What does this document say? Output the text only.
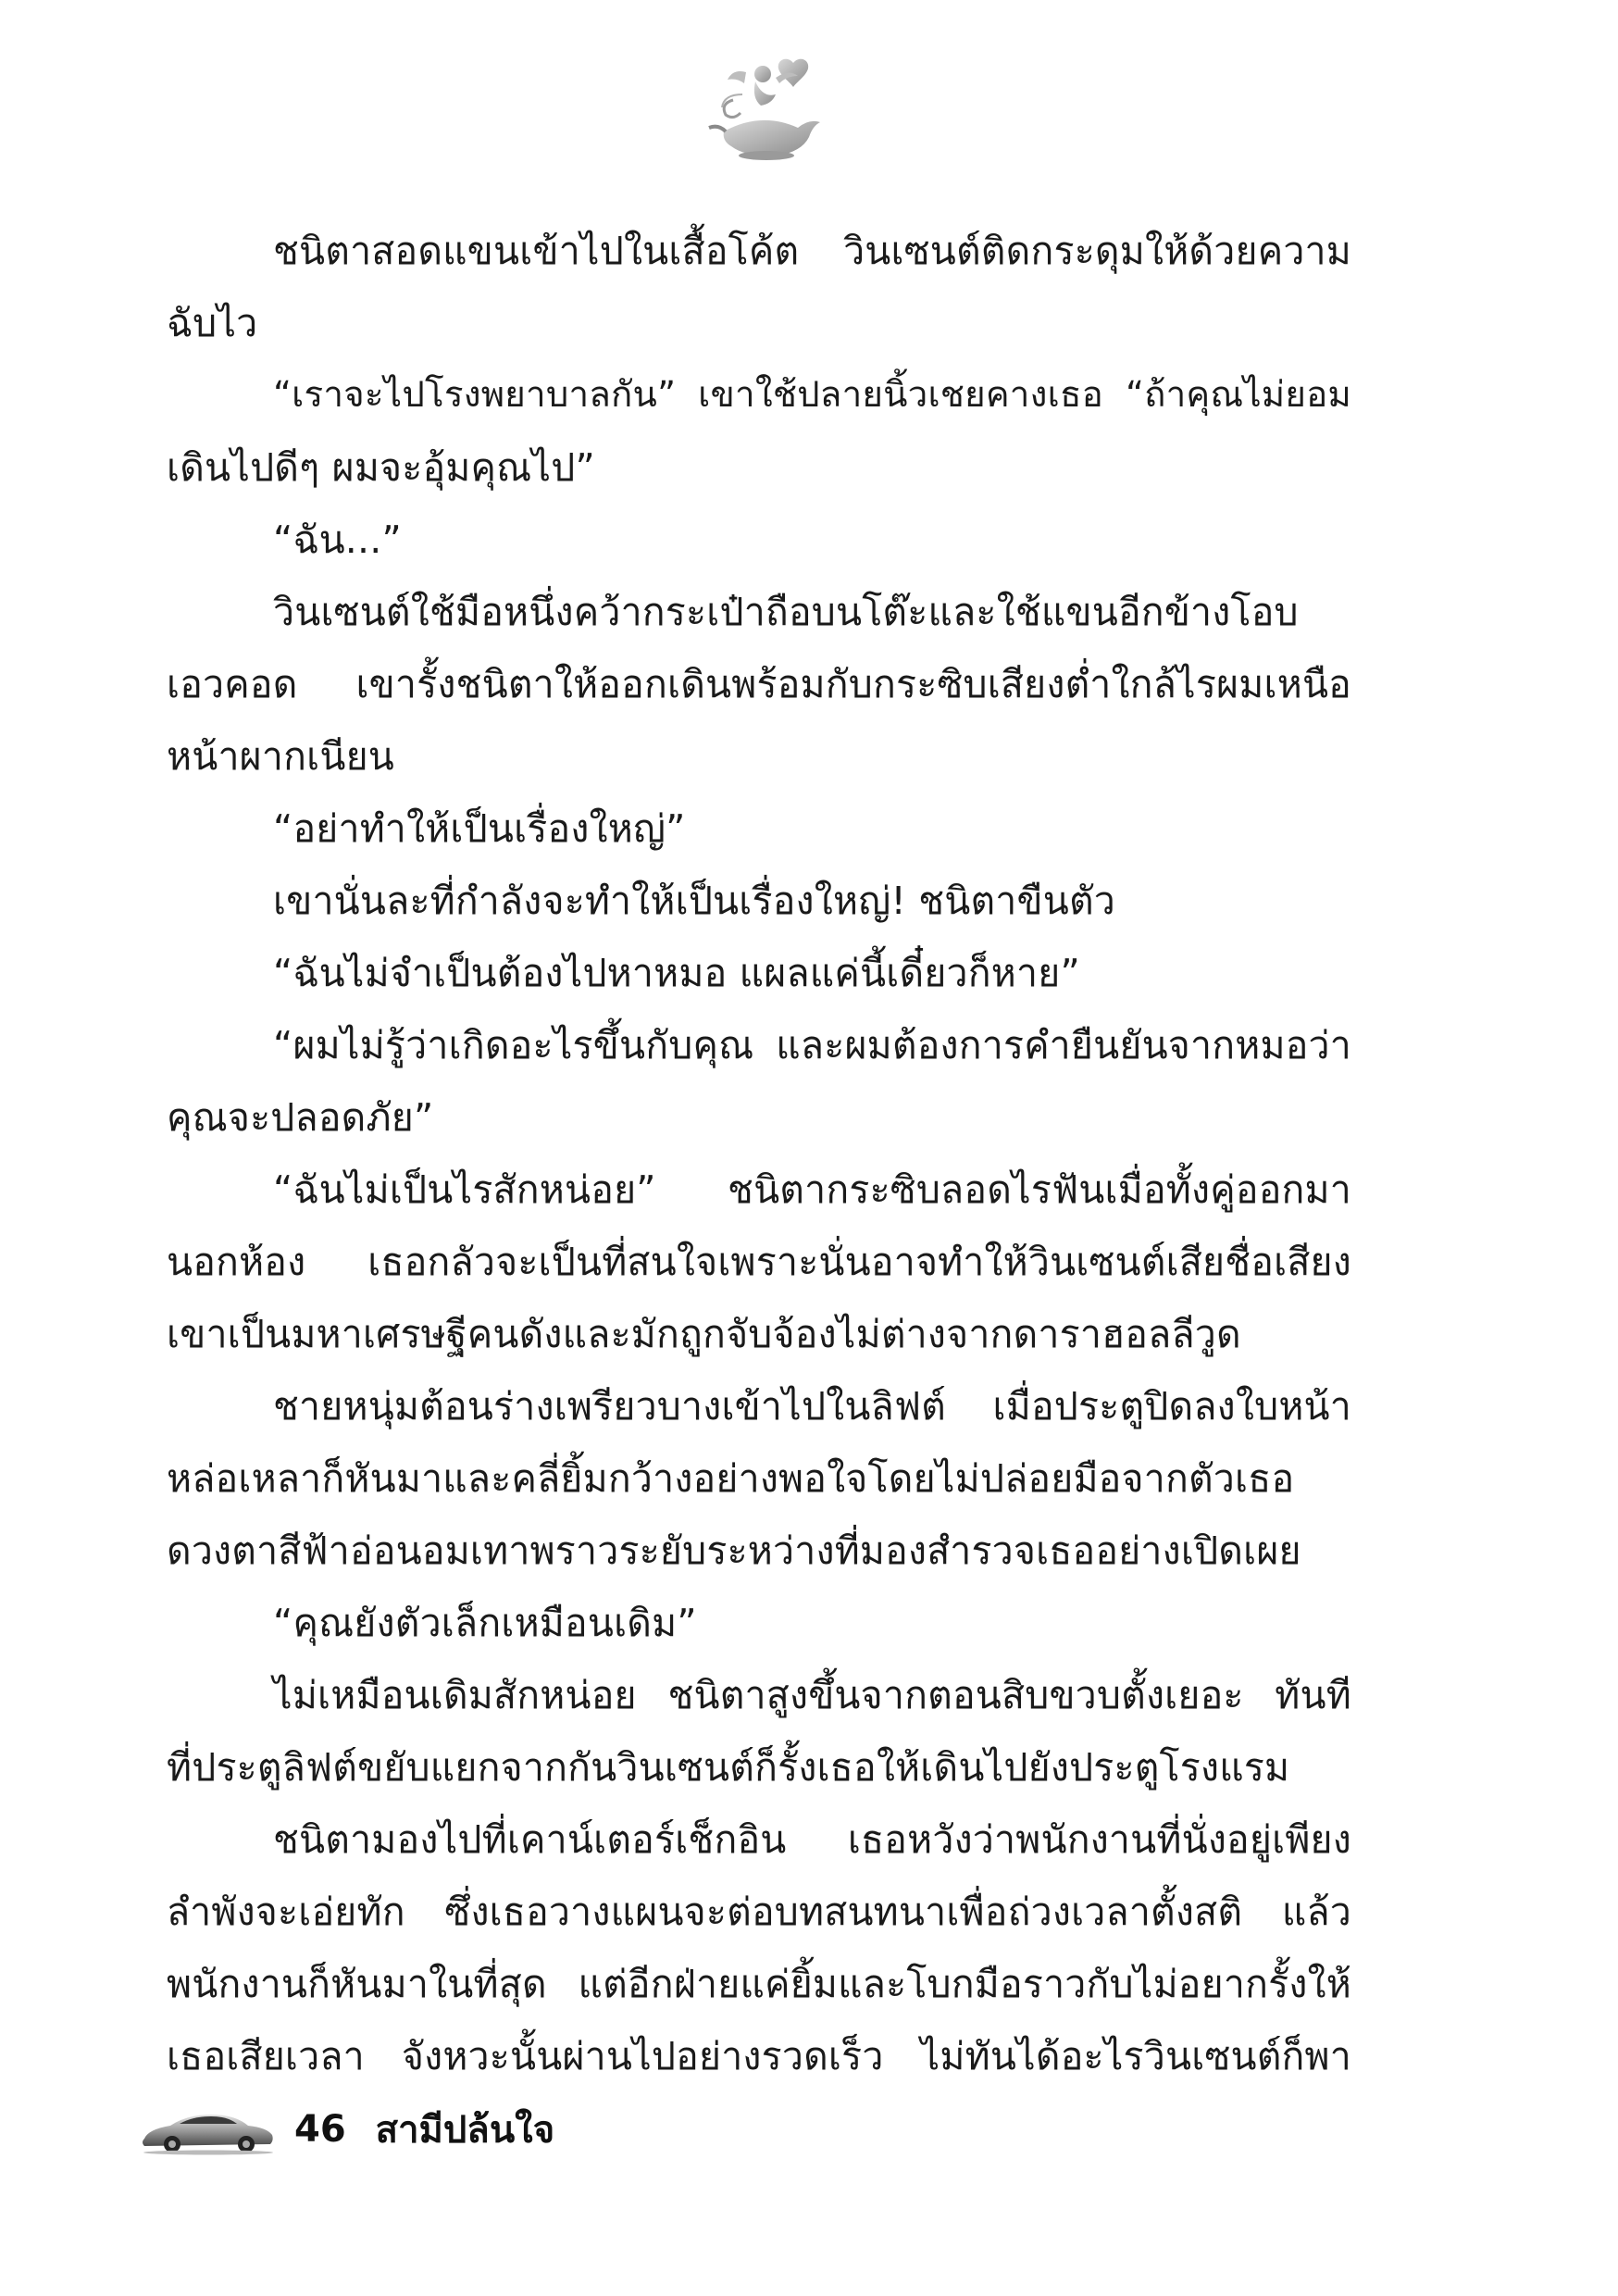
ชนิตาสอดแขนเข้าไปในเสื้อโค้ต วินเซนต์ติดกระดุมให้ด้วยความ
ฉับไว
“เราจะไปโรงพยาบาลกัน” เขาใช้ปลายนิ้วเชยคางเธอ “ถ้าคุณไม่ยอม
เดินไปดีๆ ผมจะอุ้มคุณไป”
“ฉัน...”
วินเซนต์ใช้มือหนึ่งคว้ากระเป๋าถือบนโต๊ะและใช้แขนอีกข้างโอบ
เอวคอด เขารั้งชนิตาให้ออกเดินพร้อมกับกระซิบเสียงต่ำใกล้ไรผมเหนือ
หน้าผากเนียน
“อย่าทำให้เป็นเรื่องใหญ่”
เขานั่นละที่กำลังจะทำให้เป็นเรื่องใหญ่! ชนิตาขืนตัว
“ฉันไม่จำเป็นต้องไปหาหมอ แผลแค่นี้เดี๋ยวก็หาย”
“ผมไม่รู้ว่าเกิดอะไรขึ้นกับคุณ และผมต้องการคำยืนยันจากหมอว่า
คุณจะปลอดภัย”
“ฉันไม่เป็นไรสักหน่อย” ชนิตากระซิบลอดไรฟันเมื่อทั้งคู่ออกมา
นอกห้อง เธอกลัวจะเป็นที่สนใจเพราะนั่นอาจทำให้วินเซนต์เสียชื่อเสียง
เขาเป็นมหาเศรษฐีคนดังและมักถูกจับจ้องไม่ต่างจากดาราฮอลลีวูด
ชายหนุ่มต้อนร่างเพรียวบางเข้าไปในลิฟต์ เมื่อประตูปิดลงใบหน้า
หล่อเหลาก็หันมาและคลี่ยิ้มกว้างอย่างพอใจโดยไม่ปล่อยมือจากตัวเธอ
ดวงตาสีฟ้าอ่อนอมเทาพราวระยับระหว่างที่มองสำรวจเธออย่างเปิดเผย
“คุณยังตัวเล็กเหมือนเดิม”
ไม่เหมือนเดิมสักหน่อย ชนิตาสูงขึ้นจากตอนสิบขวบตั้งเยอะ ทันที
ที่ประตูลิฟต์ขยับแยกจากกันวินเซนต์ก็รั้งเธอให้เดินไปยังประตูโรงแรม
ชนิตามองไปที่เคาน์เตอร์เช็กอิน เธอหวังว่าพนักงานที่นั่งอยู่เพียง
ลำพังจะเอ่ยทัก ซึ่งเธอวางแผนจะต่อบทสนทนาเพื่อถ่วงเวลาตั้งสติ แล้ว
พนักงานก็หันมาในที่สุด แต่อีกฝ่ายแค่ยิ้มและโบกมือราวกับไม่อยากรั้งให้
เธอเสียเวลา จังหวะนั้นผ่านไปอย่างรวดเร็ว ไม่ทันได้อะไรวินเซนต์ก็พา
46 สามีปล้นใจ
